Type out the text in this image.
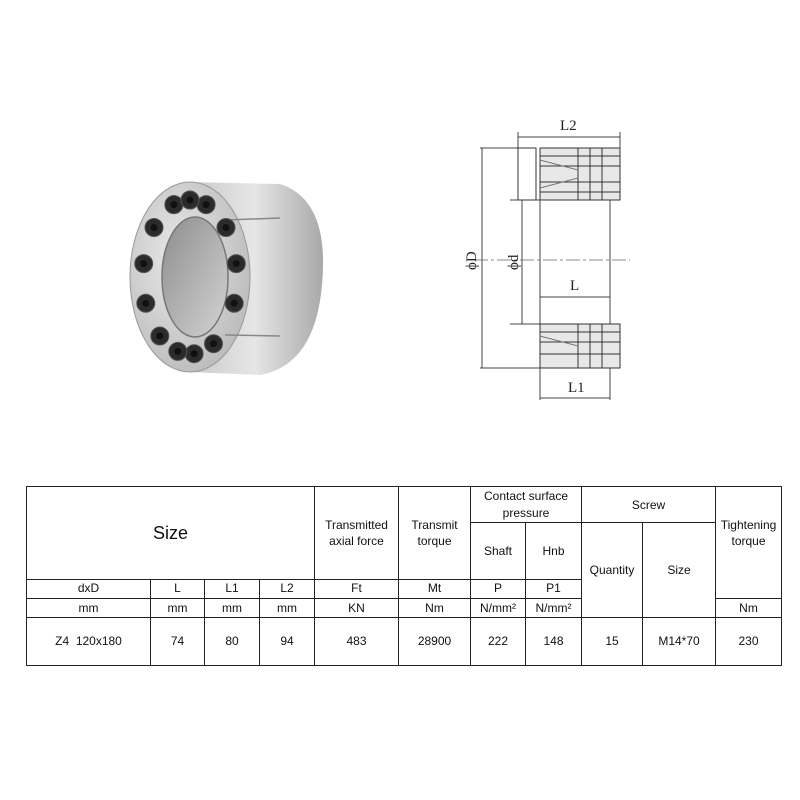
L2
ϕD ϕd
L
L1
Size				Transmitted axial force	Transmit torque	Contact surface pressure		Screw		Tightening torque
						Shaft	Hnb	Quantity	Size	
dxD	L	L1	L2	Ft	Mt	P	P1			
mm	mm	mm	mm	KN	Nm	N/mm²	N/mm²			Nm
Z4  120x180	74	80	94	483	28900	222	148	15	M14*70	230
